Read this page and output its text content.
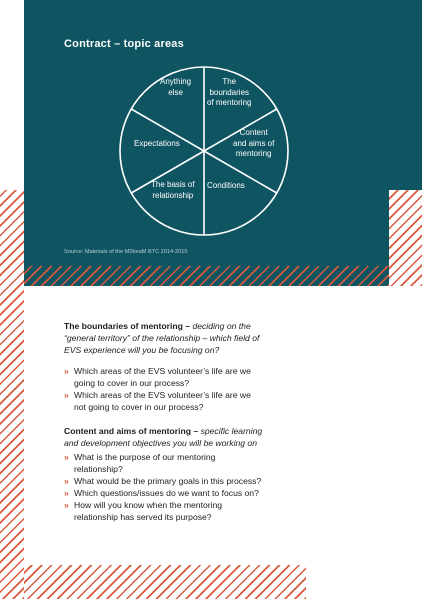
Contract – topic areas
The
boundaries
of mentoring
Content
and aims of
mentoring
Conditions
The basis of
relationship
Expectations
Anything
else
Source: Materials of the M2beaM BTC 2014-2015
The boundaries of mentoring – deciding on the
“general territory” of the relationship – which field of
EVS experience will you be focusing on?
» Which areas of the EVS volunteer’s life are we
going to cover in our process?
» Which areas of the EVS volunteer’s life are we
not going to cover in our process?
Content and aims of mentoring – specific learning
and development objectives you will be working on
» What is the purpose of our mentoring
relationship?
» What would be the primary goals in this process?
» Which questions/issues do we want to focus on?
» How will you know when the mentoring
relationship has served its purpose?
